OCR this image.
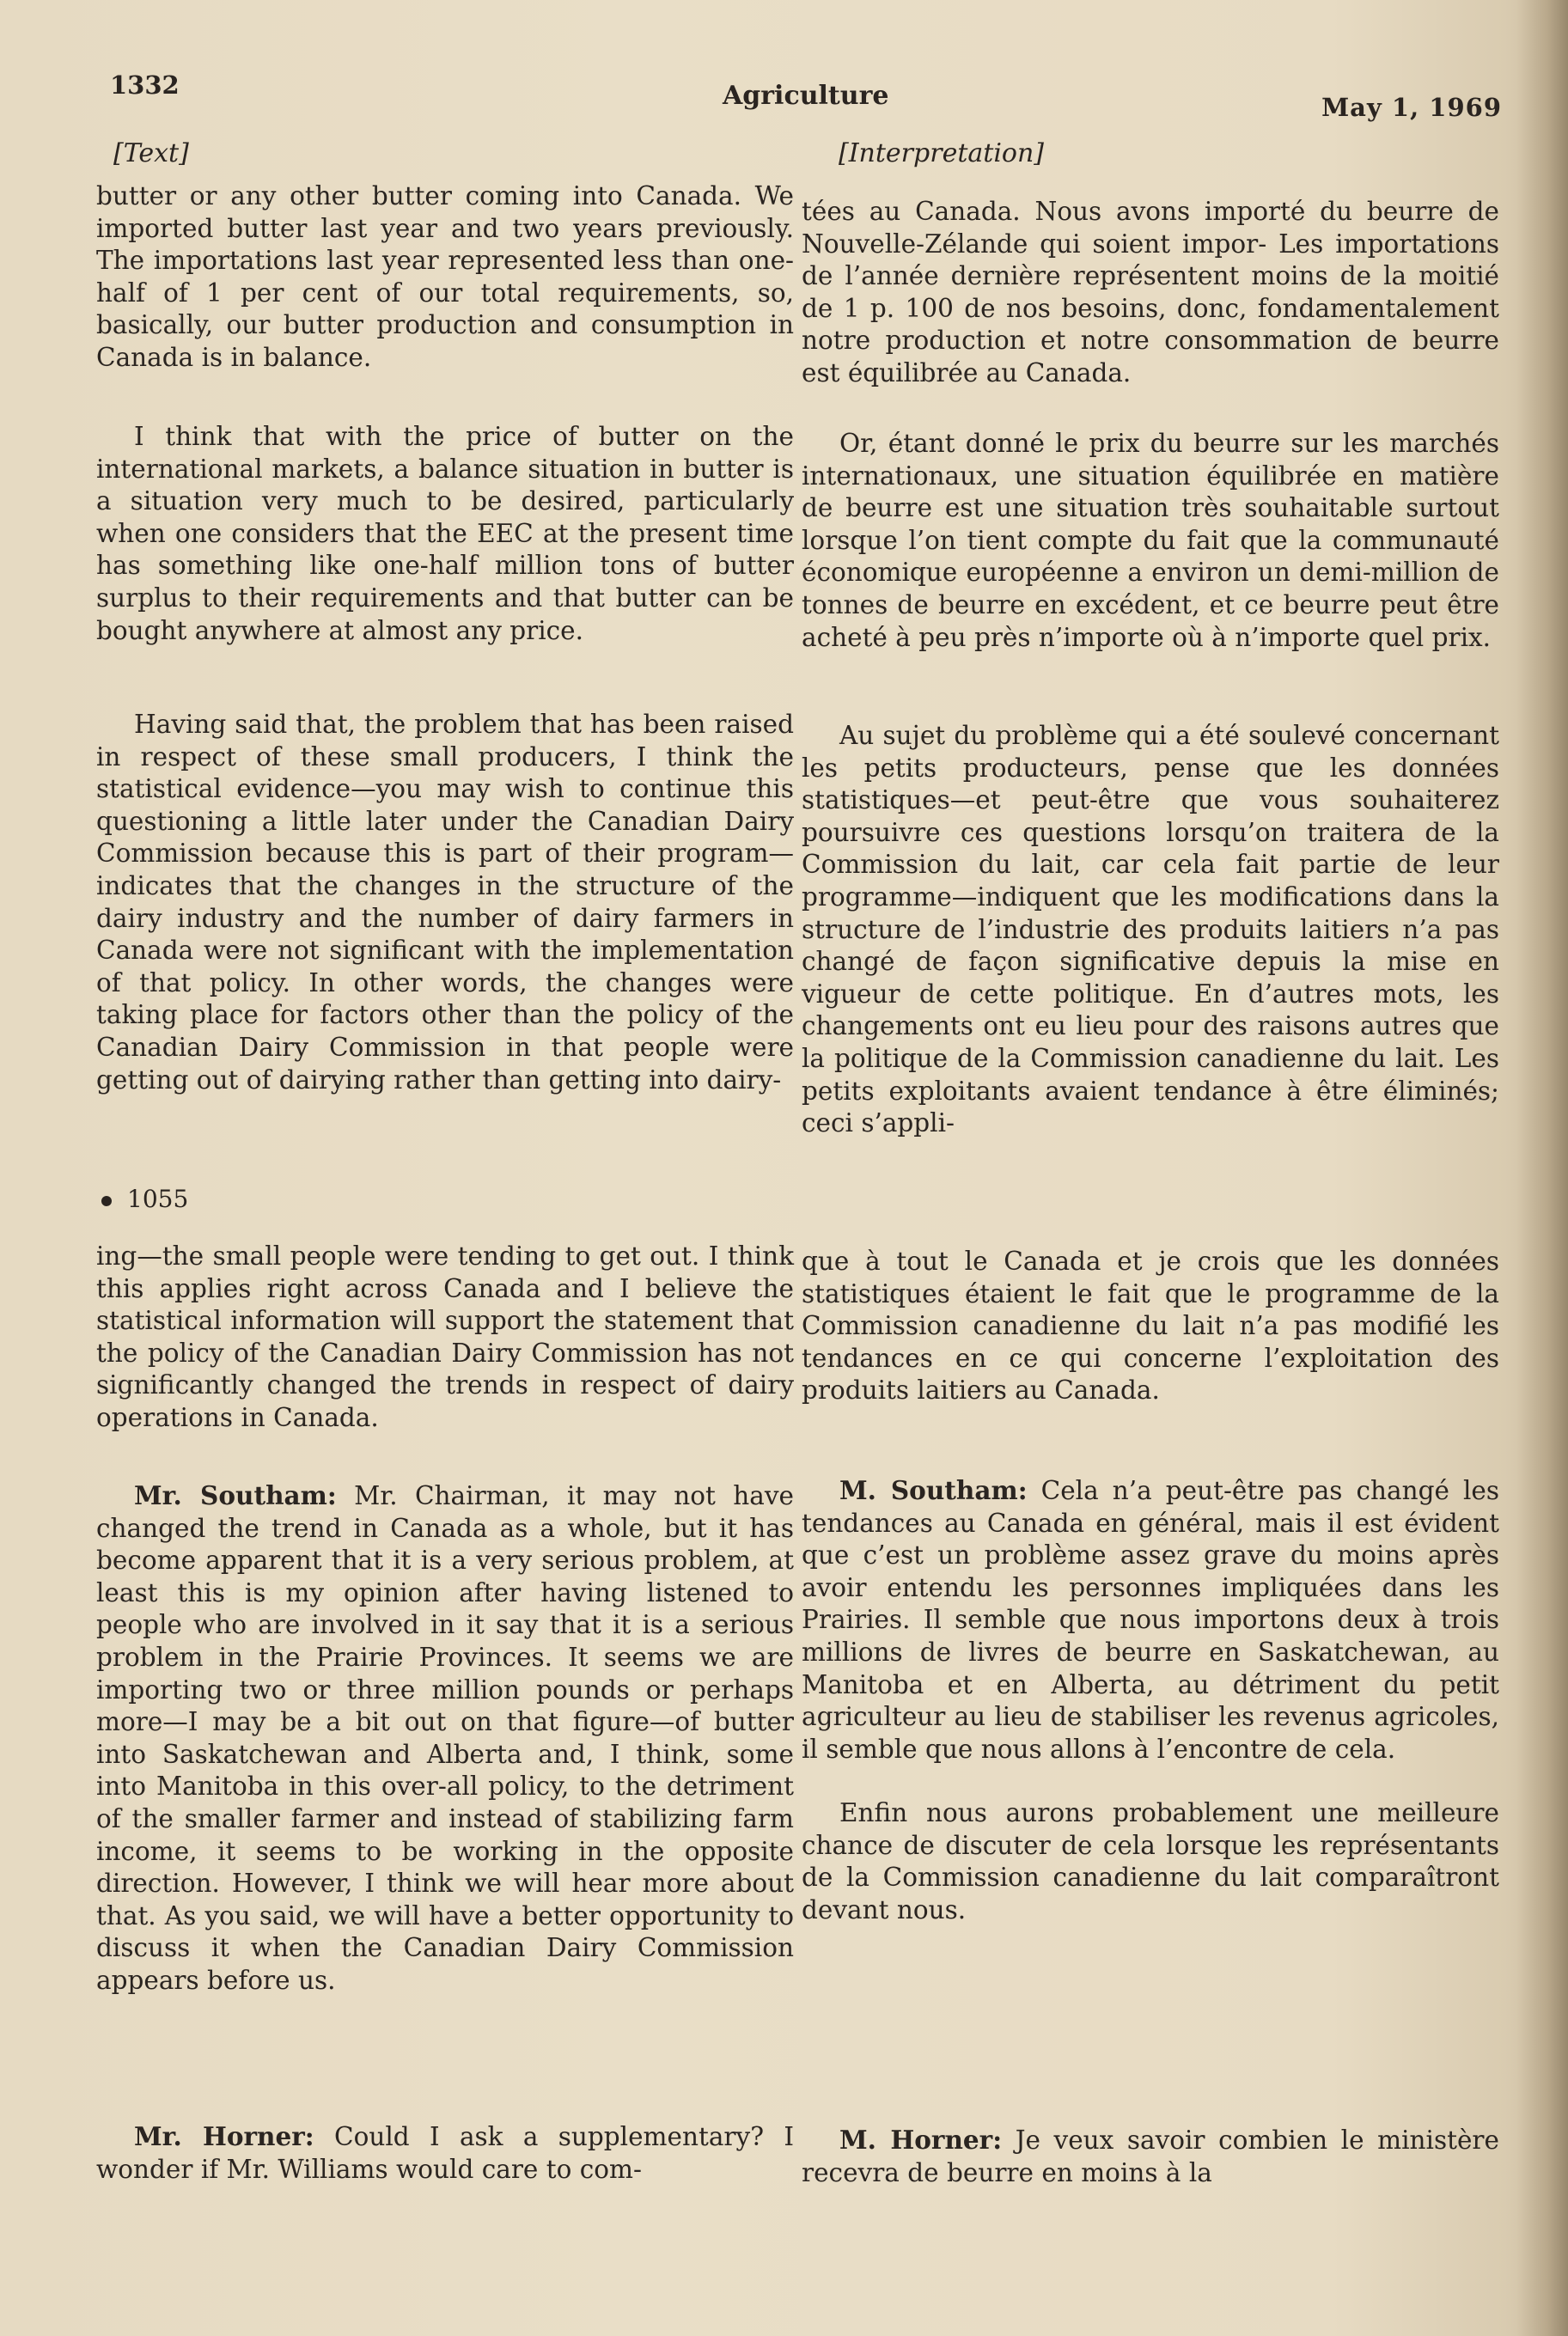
1332	Agriculture	May 1, 1969
[Text]

butter or any other butter coming into Canada. We imported butter last year and two years previously. The importations last year represented less than one-half of 1 per cent of our total requirements, so, basically, our butter production and consumption in Canada is in balance.

I think that with the price of butter on the international markets, a balance situation in butter is a situation very much to be desired, particularly when one considers that the EEC at the present time has something like one-half million tons of butter surplus to their requirements and that butter can be bought anywhere at almost any price.

Having said that, the problem that has been raised in respect of these small producers, I think the statistical evidence—you may wish to continue this questioning a little later under the Canadian Dairy Commission because this is part of their program—indicates that the changes in the structure of the dairy industry and the number of dairy farmers in Canada were not significant with the implementation of that policy. In other words, the changes were taking place for factors other than the policy of the Canadian Dairy Commission in that people were getting out of dairying rather than getting into dairy-

1055

ing—the small people were tending to get out. I think this applies right across Canada and I believe the statistical information will support the statement that the policy of the Canadian Dairy Commission has not significantly changed the trends in respect of dairy operations in Canada.

Mr. Southam: Mr. Chairman, it may not have changed the trend in Canada as a whole, but it has become apparent that it is a very serious problem, at least this is my opinion after having listened to people who are involved in it say that it is a serious problem in the Prairie Provinces. It seems we are importing two or three million pounds or perhaps more—I may be a bit out on that figure—of butter into Saskatchewan and Alberta and, I think, some into Manitoba in this over-all policy, to the detriment of the smaller farmer and instead of stabilizing farm income, it seems to be working in the opposite direction. However, I think we will hear more about that. As you said, we will have a better opportunity to discuss it when the Canadian Dairy Commission appears before us.

Mr. Horner: Could I ask a supplementary? I wonder if Mr. Williams would care to com-

[Interpretation]

tées au Canada. Nous avons importé du beurre de Nouvelle-Zélande qui soient impor- Les importations de l’année dernière représentent moins de la moitié de 1 p. 100 de nos besoins, donc, fondamentalement notre production et notre consommation de beurre est équilibrée au Canada.

Or, étant donné le prix du beurre sur les marchés internationaux, une situation équilibrée en matière de beurre est une situation très souhaitable surtout lorsque l’on tient compte du fait que la communauté économique européenne a environ un demi-million de tonnes de beurre en excédent, et ce beurre peut être acheté à peu près n’importe où à n’importe quel prix.

Au sujet du problème qui a été soulevé concernant les petits producteurs, pense que les données statistiques—et peut-être que vous souhaiterez poursuivre ces questions lorsqu’on traitera de la Commission du lait, car cela fait partie de leur programme—indiquent que les modifications dans la structure de l’industrie des produits laitiers n’a pas changé de façon significative depuis la mise en vigueur de cette politique. En d’autres mots, les changements ont eu lieu pour des raisons autres que la politique de la Commission canadienne du lait. Les petits exploitants avaient tendance à être éliminés; ceci s’appli-

que à tout le Canada et je crois que les données statistiques étaient le fait que le programme de la Commission canadienne du lait n’a pas modifié les tendances en ce qui concerne l’exploitation des produits laitiers au Canada.

M. Southam: Cela n’a peut-être pas changé les tendances au Canada en général, mais il est évident que c’est un problème assez grave du moins après avoir entendu les personnes impliquées dans les Prairies. Il semble que nous importons deux à trois millions de livres de beurre en Saskatchewan, au Manitoba et en Alberta, au détriment du petit agriculteur au lieu de stabiliser les revenus agricoles, il semble que nous allons à l’encontre de cela.

Enfin nous aurons probablement une meilleure chance de discuter de cela lorsque les représentants de la Commission canadienne du lait comparaîtront devant nous.

M. Horner: Je veux savoir combien le ministère recevra de beurre en moins à la
